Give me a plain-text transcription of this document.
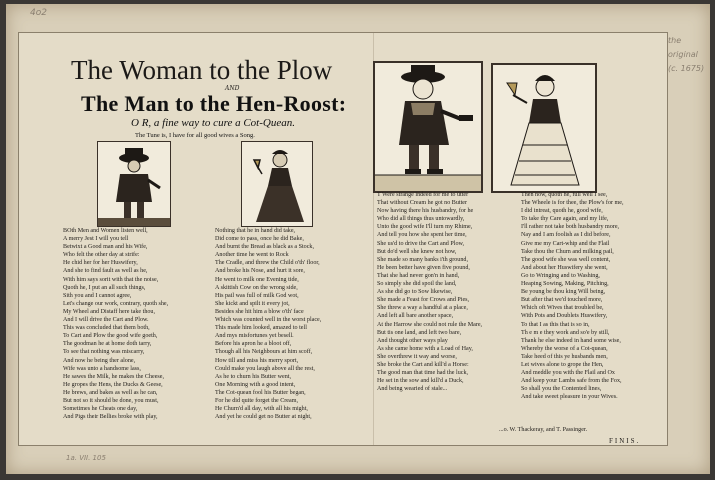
4o2
the
original
(c. 1675)
1a. VII. 105
The Woman to the Plow
AND
The Man to the Hen-Roost:
O R, a fine way to cure a Cot-Quean.
The Tune is, I have for all good wives a Song.
BOth Men and Women listen well,
A merry Jest I will you tell
Betwixt a Good man and his Wife,
Who felt the other day at strife:
He chid her for her Huswifery,
And she to find fault as well as he,
With him says sorit with that the noise,
Quoth he, I put an all such things,
Sith you and I cannot agree,
Let's change our work, contrary, quoth she,
My Wheel and Distaff here take thou,
And I will drive the Cart and Plow.
This was concluded that them both,
To Cart and Plow the good wife goeth,
The goodman he at home doth tarry,
To see that nothing was miscarry,
And now he being ther alone,
Wife was unto a handsome lass,
He sawes the Milk, he makes the Cheese,
He gropes the Hens, the Ducks & Geese,
He brews, and bakes as well as he can,
But not so it should be done, you must,
Sometimes he Cheats one day,
And Pigs their Bellies broke with play,
Nothing that he in hand did take,
Did come to pass, once he did Bake,
And burnt the Bread as black as a Stock,
Another time he went to Rock
The Cradle, and threw the Child o'th' floor,
And broke his Nose, and hurt it sore,
He went to milk one Evening tide,
A skittish Cow on the wrong side,
His pail was full of milk God wot,
She kickt and spilt it every jot,
Besides she hit him a blow o'th' face
Which was counted well in the worst place,
This made him looked, amazed to tell
And mys misfortunes yet besell.
Before his apron he a bloot off,
Though all his Neighbours at him scoff,
How till and miss his merry sport,
Could make you laugh above all the rest,
As he to churn his Butter went,
One Morning with a good intent,
The Cot-quean fool his Butter began,
For he did quite forget the Cream,
He Churn'd all day, with all his might,
And yet he could get no Butter at night,
T Were strange indeed for me to utter
That without Cream he got no Butter
Now having there his husbandry, for he
Who did all things thus untowardly,
Unto the good wife I'll turn my Rhime,
And tell you how she spent her time,
She us'd to drive the Cart and Plow,
But do'd well she knew not how,
She made so many banks i'th ground,
He been better have given five pound,
That she had never gon'n in hand,
So simply she did spoil the land,
As she did go to Sow likewise,
She made a Feast for Crows and Pies,
She threw a way a handful at a place,
And left all bare another space,
At the Harrow she could not rule the Mare,
But tis one land, and left two bare,
And thought other ways play
As she came home with a Load of Hay,
She overthrew it way and worse,
She broke the Cart and kill'd a Horse:
The good man that time had the luck,
He set in the sow and kill'd a Duck,
And being wearied of stale...
Then now, quoth he, full well I see,
The Wheele is for thee, the Plow's for me,
I did intreat, quoth he, good wife,
To take thy Care again, and my life,
I'll rather not take both husbandry more,
Nay and I am foolish as I did before,
Give me my Cart-whip and the Flail
Take thou the Churn and milking pail,
The good wife she was well content,
And about her Huswifery she went,
Go to Wringing and to Washing,
Heaping Sowing, Making, Pitching,
Be young be thou king Will being,
But after that we'd touched more,
Which oft Wives that troubled be,
With Pots and Doublets Huswifery,
To that I as this that is so in,
Th e m e they work and so'e by still,
Thank he else indeed in hand some wise,
Whereby the worse of a Cot-quean,
Take heed of this ye husbands men,
Let wives alone to grope the Hen,
And meddle you with the Flail and Ox
And keep your Lambs safe from the Fox,
So shall you the Contented lines,
And take sweet pleasure in your Wives.
...o. W. Thackeray, and T. Passinger.
FINIS.
